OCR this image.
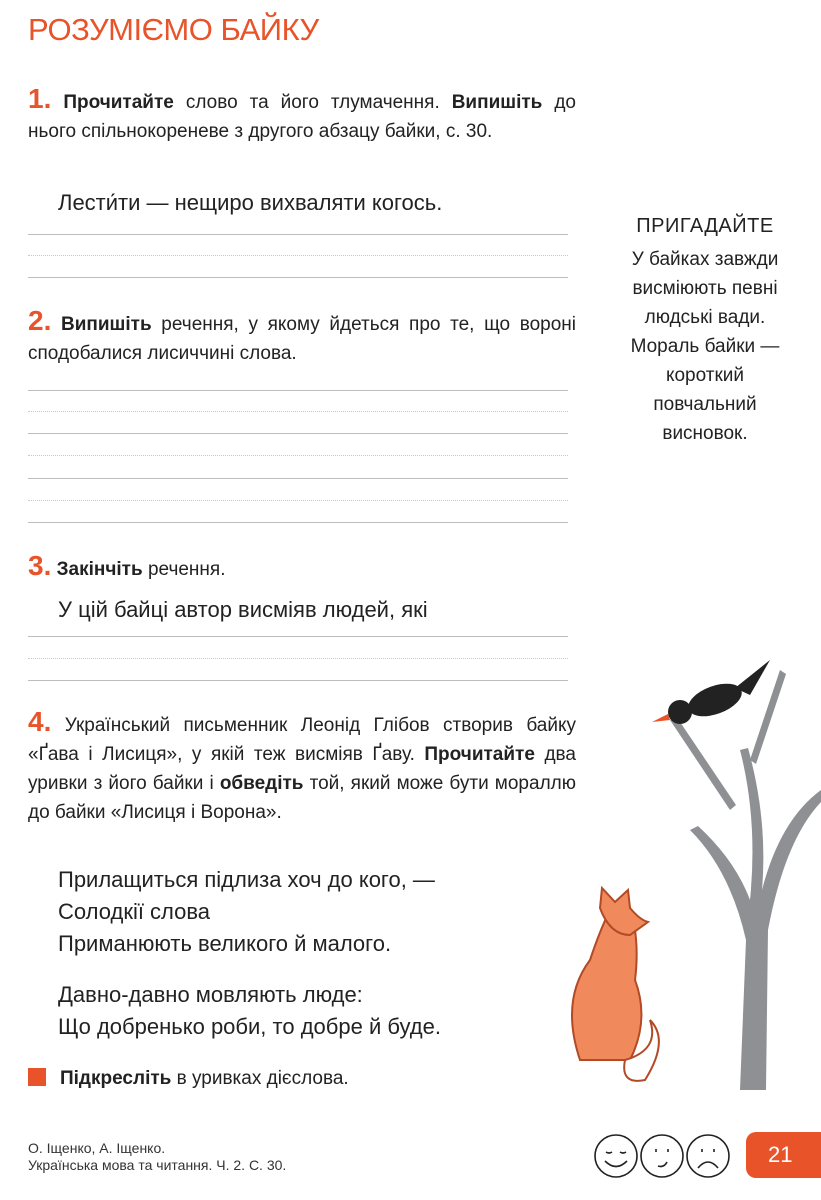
РОЗУМІЄМО БАЙКУ
1. Прочитайте слово та його тлумачення. Випишіть до нього спільнокореневе з другого абзацу байки, с. 30.
Лести́ти — нещиро вихваляти когось.
2. Випишіть речення, у якому йдеться про те, що вороні сподобалися лисиччині слова.
3. Закінчіть речення.
У цій байці автор висміяв людей, які
4. Український письменник Леонід Глібов створив байку «Ґава і Лисиця», у якій теж висміяв Ґаву. Прочитайте два уривки з його байки і обведіть той, який може бути мораллю до байки «Лисиця і Ворона».
Прилащиться підлиза хоч до кого, —
Солодкії слова
Приманюють великого й малого.
Давно-давно мовляють люде:
Що добренько роби, то добре й буде.
Підкресліть в уривках дієслова.
ПРИГАДАЙТЕ
У байках завжди
висміюють певні
людські вади.
Мораль байки —
короткий
повчальний
висновок.
О. Іщенко, А. Іщенко.
Українська мова та читання. Ч. 2. С. 30.	21
